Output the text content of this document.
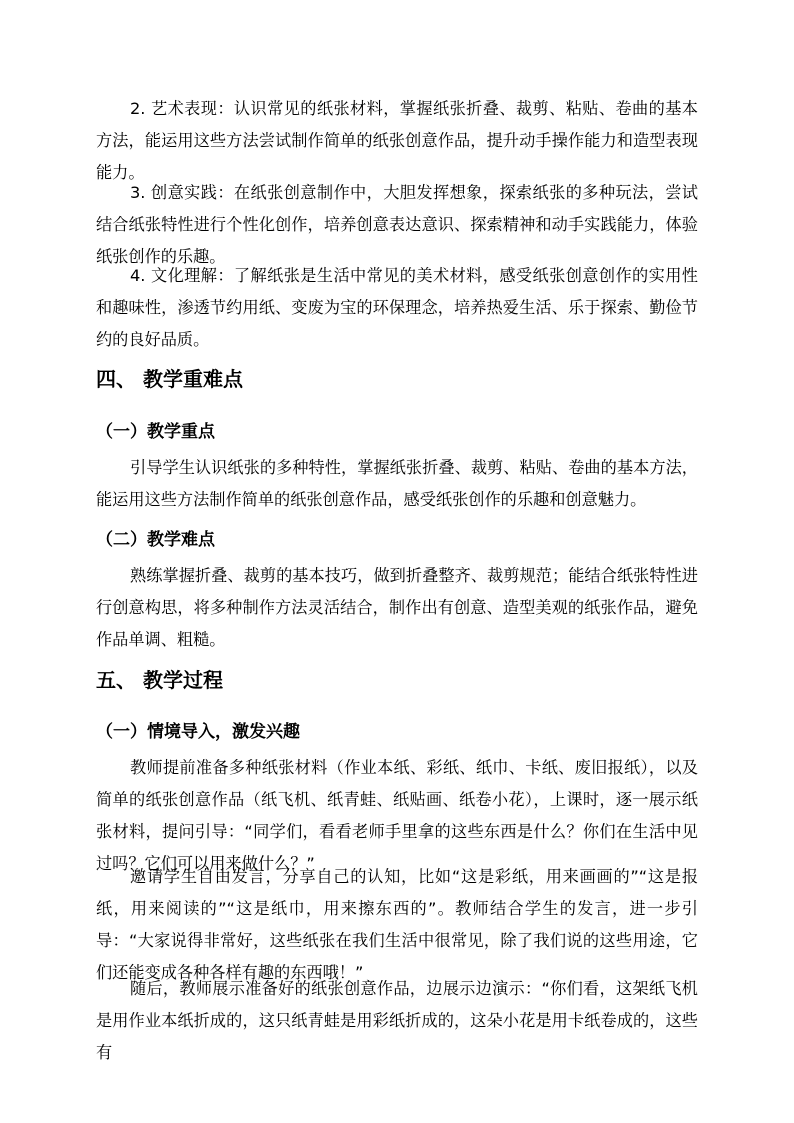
2. 艺术表现：认识常见的纸张材料，掌握纸张折叠、裁剪、粘贴、卷曲的基本方法，能运用这些方法尝试制作简单的纸张创意作品，提升动手操作能力和造型表现能力。

3. 创意实践：在纸张创意制作中，大胆发挥想象，探索纸张的多种玩法，尝试结合纸张特性进行个性化创作，培养创意表达意识、探索精神和动手实践能力，体验纸张创作的乐趣。

4. 文化理解：了解纸张是生活中常见的美术材料，感受纸张创意创作的实用性和趣味性，渗透节约用纸、变废为宝的环保理念，培养热爱生活、乐于探索、勤俭节约的良好品质。

四、 教学重难点
（一）教学重点

引导学生认识纸张的多种特性，掌握纸张折叠、裁剪、粘贴、卷曲的基本方法，能运用这些方法制作简单的纸张创意作品，感受纸张创作的乐趣和创意魅力。

（二）教学难点

熟练掌握折叠、裁剪的基本技巧，做到折叠整齐、裁剪规范；能结合纸张特性进行创意构思，将多种制作方法灵活结合，制作出有创意、造型美观的纸张作品，避免作品单调、粗糙。

五、 教学过程
（一）情境导入，激发兴趣

教师提前准备多种纸张材料（作业本纸、彩纸、纸巾、卡纸、废旧报纸），以及简单的纸张创意作品（纸飞机、纸青蛙、纸贴画、纸卷小花），上课时，逐一展示纸张材料，提问引导：“同学们，看看老师手里拿的这些东西是什么？你们在生活中见过吗？它们可以用来做什么？”

邀请学生自由发言，分享自己的认知，比如“这是彩纸，用来画画的”“这是报纸，用来阅读的”“这是纸巾，用来擦东西的”。教师结合学生的发言，进一步引导：“大家说得非常好，这些纸张在我们生活中很常见，除了我们说的这些用途，它们还能变成各种各样有趣的东西哦！”

随后，教师展示准备好的纸张创意作品，边展示边演示：“你们看，这架纸飞机是用作业本纸折成的，这只纸青蛙是用彩纸折成的，这朵小花是用卡纸卷成的，这些有
